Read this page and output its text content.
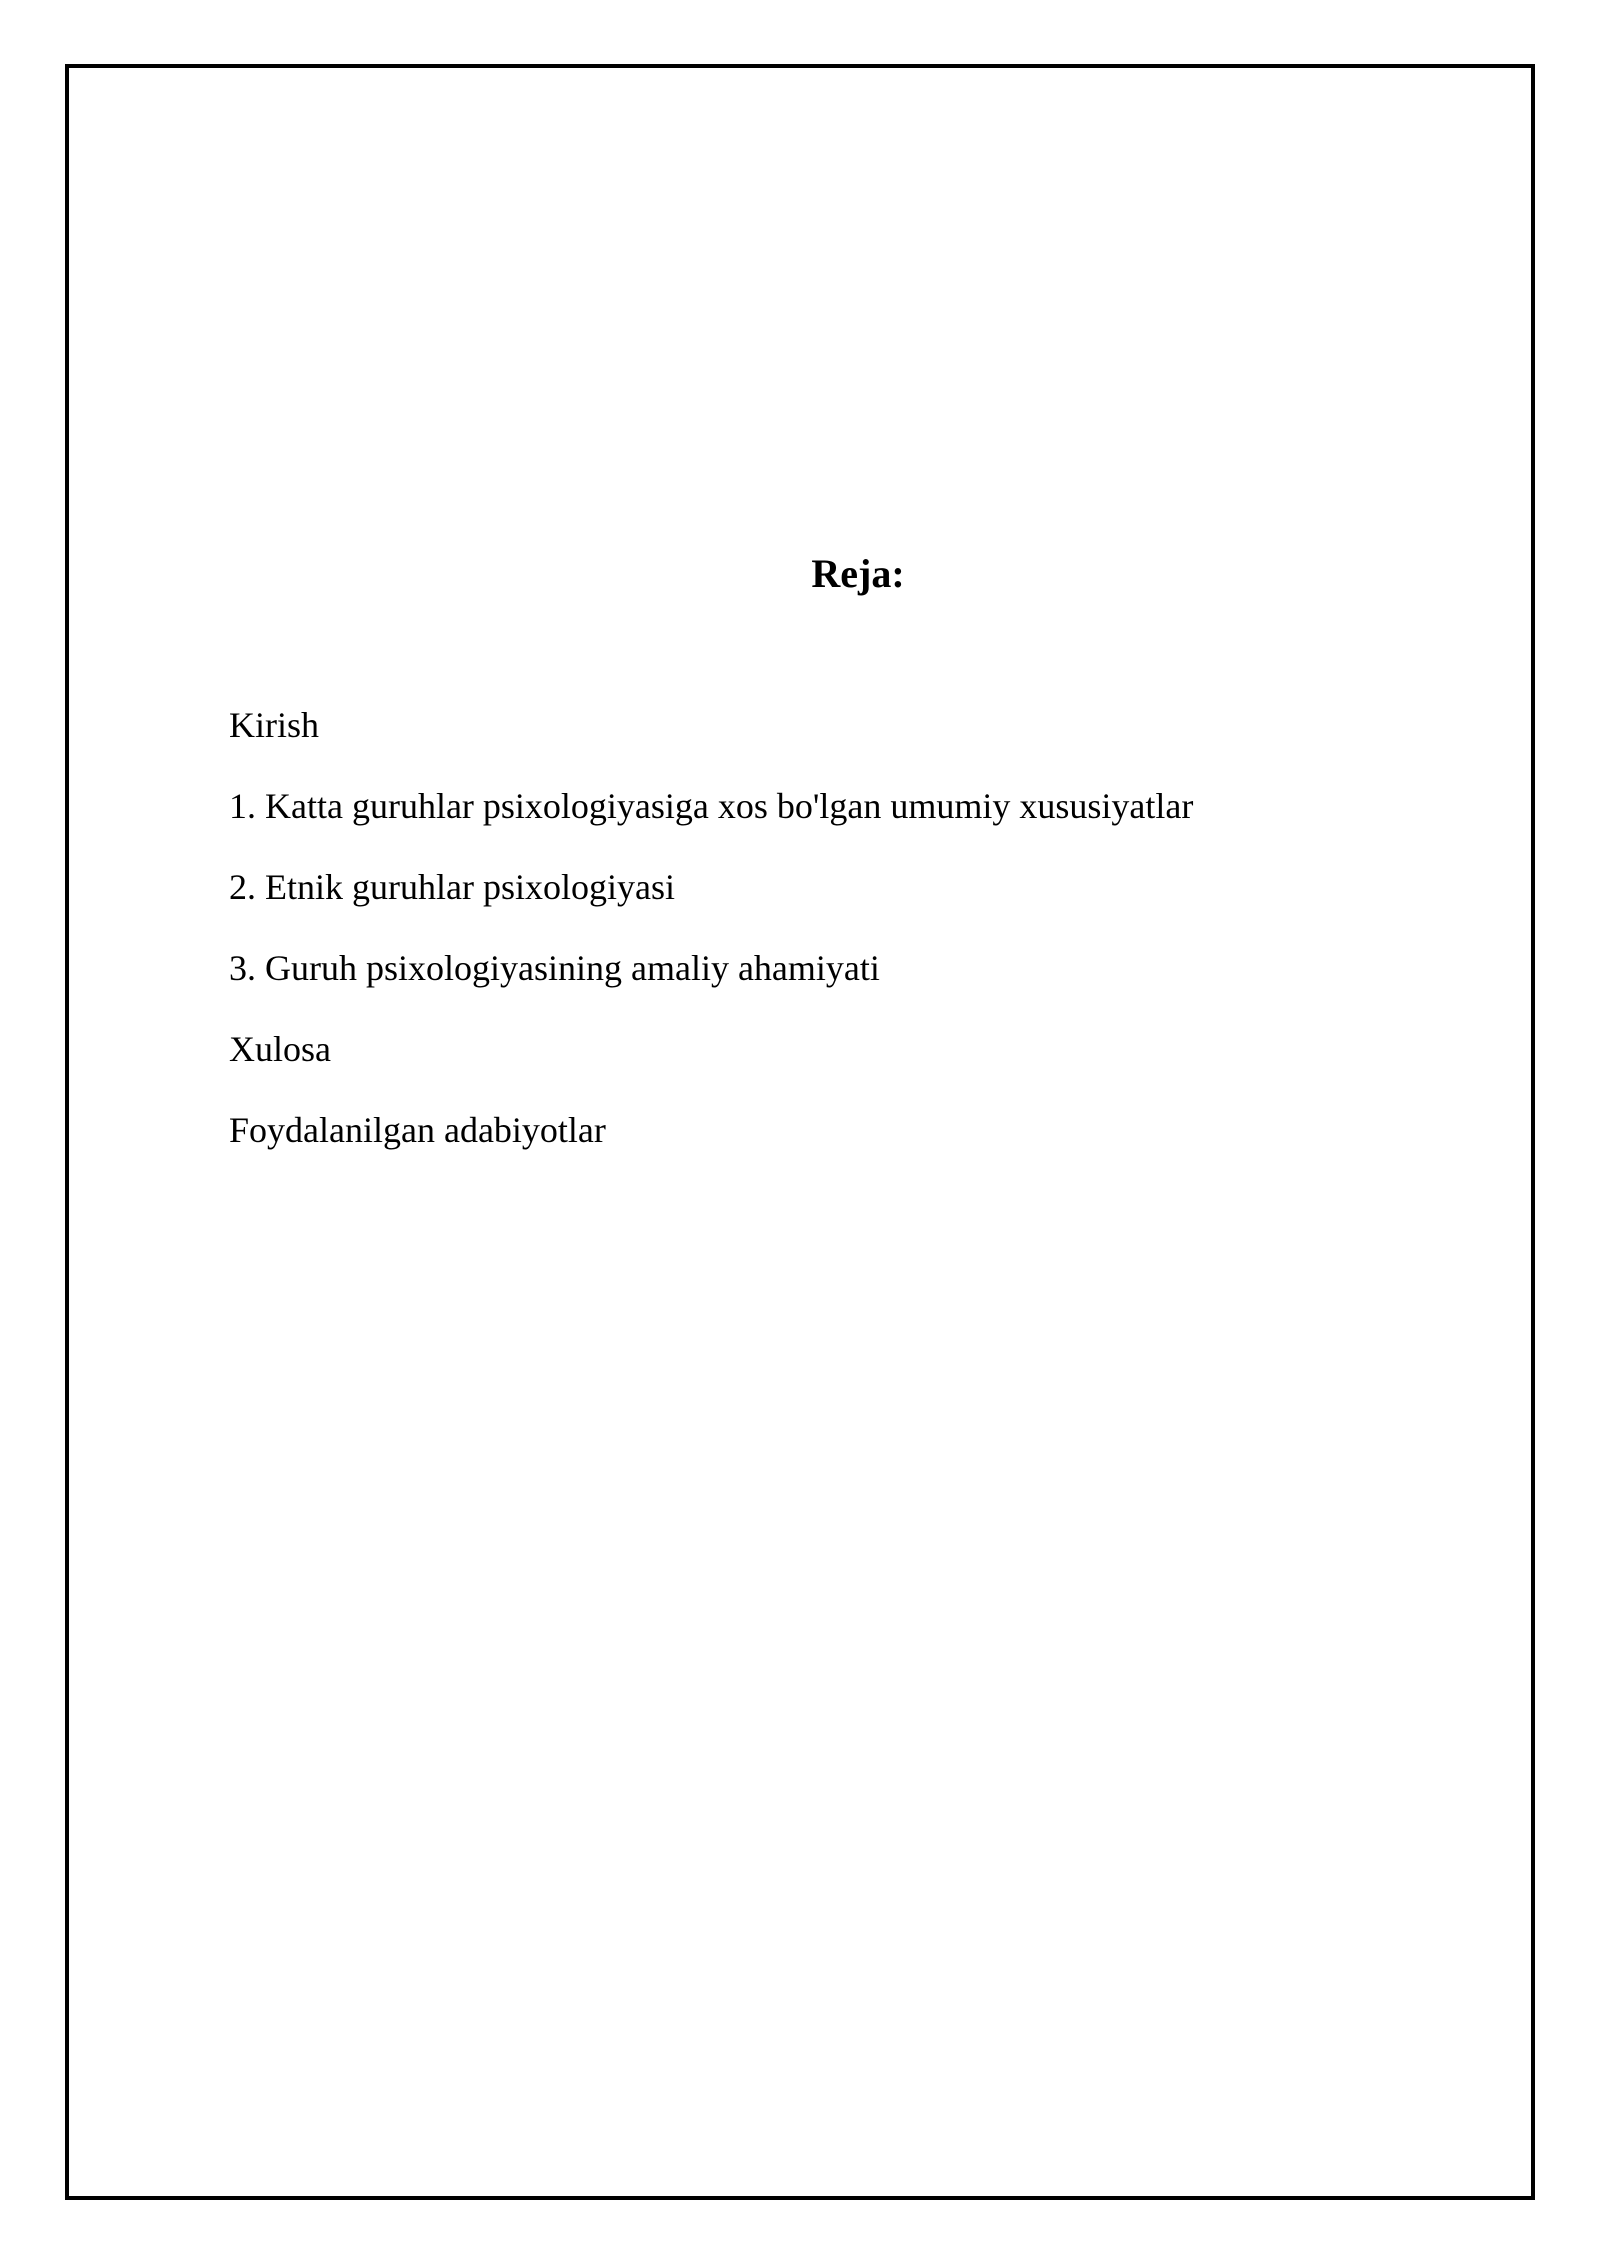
Reja:
Kirish
1. Katta guruhlar psixologiyasiga xos bo'lgan umumiy xususiyatlar
2. Etnik guruhlar psixologiyasi
3. Guruh psixologiyasining amaliy ahamiyati
Xulosa
Foydalanilgan adabiyotlar
